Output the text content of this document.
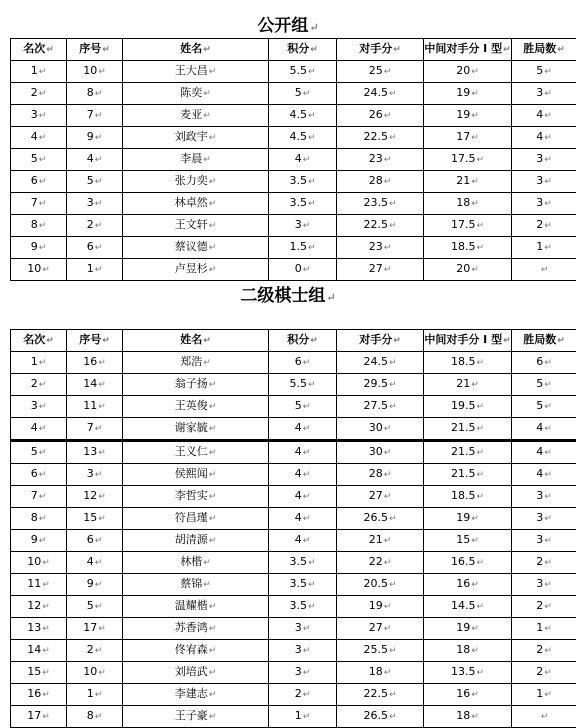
公开组↵
名次↵	序号↵	姓名↵	积分↵	对手分↵	中间对手分 I 型↵	胜局数↵
1↵	10↵	王大昌↵	5.5↵	25↵	20↵	5↵
2↵	8↵	陈奕↵	5↵	24.5↵	19↵	3↵
3↵	7↵	麦亚↵	4.5↵	26↵	19↵	4↵
4↵	9↵	刘政宇↵	4.5↵	22.5↵	17↵	4↵
5↵	4↵	李晨↵	4↵	23↵	17.5↵	3↵
6↵	5↵	张力奕↵	3.5↵	28↵	21↵	3↵
7↵	3↵	林卓然↵	3.5↵	23.5↵	18↵	3↵
8↵	2↵	王文轩↵	3↵	22.5↵	17.5↵	2↵
9↵	6↵	蔡议德↵	1.5↵	23↵	18.5↵	1↵
10↵	1↵	卢昱杉↵	0↵	27↵	20↵	↵
二级棋士组↵
名次↵	序号↵	姓名↵	积分↵	对手分↵	中间对手分 I 型↵	胜局数↵
1↵	16↵	郑浩↵	6↵	24.5↵	18.5↵	6↵
2↵	14↵	翁子扬↵	5.5↵	29.5↵	21↵	5↵
3↵	11↵	王英俊↵	5↵	27.5↵	19.5↵	5↵
4↵	7↵	谢家毓↵	4↵	30↵	21.5↵	4↵
5↵	13↵	王义仁↵	4↵	30↵	21.5↵	4↵
6↵	3↵	侯熙闻↵	4↵	28↵	21.5↵	4↵
7↵	12↵	李哲实↵	4↵	27↵	18.5↵	3↵
8↵	15↵	符昌瑾↵	4↵	26.5↵	19↵	3↵
9↵	6↵	胡清源↵	4↵	21↵	15↵	3↵
10↵	4↵	林楷↵	3.5↵	22↵	16.5↵	2↵
11↵	9↵	蔡锦↵	3.5↵	20.5↵	16↵	3↵
12↵	5↵	温耀楷↵	3.5↵	19↵	14.5↵	2↵
13↵	17↵	苏香鸿↵	3↵	27↵	19↵	1↵
14↵	2↵	佟宥森↵	3↵	25.5↵	18↵	2↵
15↵	10↵	刘培武↵	3↵	18↵	13.5↵	2↵
16↵	1↵	李建志↵	2↵	22.5↵	16↵	1↵
17↵	8↵	王子豪↵	1↵	26.5↵	18↵	↵
